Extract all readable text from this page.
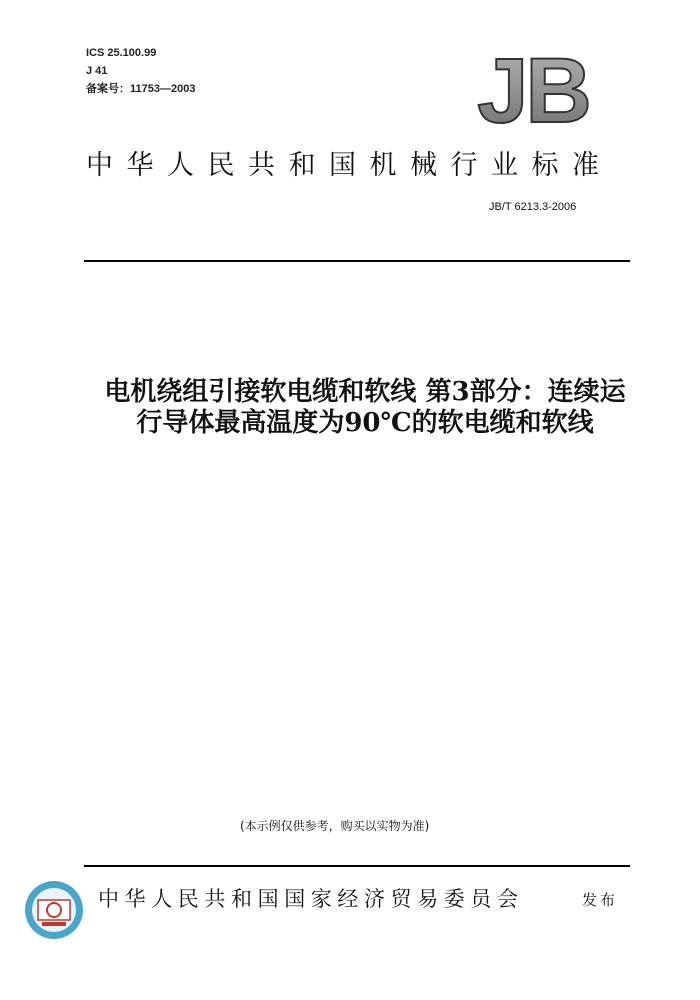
ICS 25.100.99
J 41
备案号：11753—2003	JB
中华人民共和国机械行业标准
JB/T 6213.3-2006
电机绕组引接软电缆和软线 第3部分：连续运
行导体最高温度为90℃的软电缆和软线
(本示例仅供参考，购买以实物为准)
中华人民共和国国家经济贸易委员会	发布
